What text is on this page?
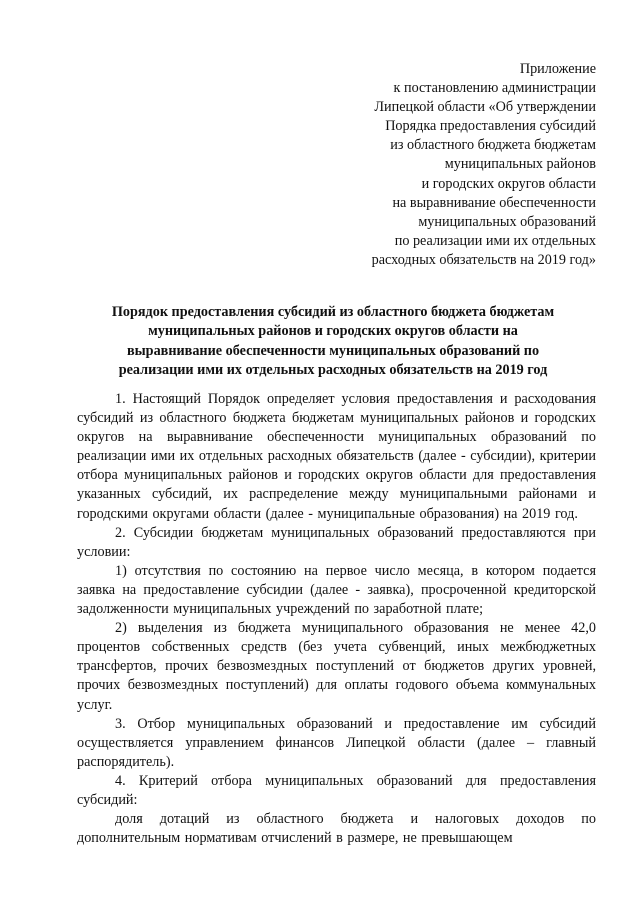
Приложение
к постановлению администрации
Липецкой области «Об утверждении
Порядка предоставления субсидий
из областного бюджета бюджетам
муниципальных районов
и городских округов области
на выравнивание обеспеченности
муниципальных образований
по реализации ими их отдельных
расходных обязательств на 2019 год»
Порядок предоставления субсидий из областного бюджета бюджетам
муниципальных районов и городских округов области на
выравнивание обеспеченности муниципальных образований по
реализации ими их отдельных расходных обязательств на 2019 год

1. Настоящий Порядок определяет условия предоставления и расходования субсидий из областного бюджета бюджетам муниципальных районов и городских округов на выравнивание обеспеченности муниципальных образований по реализации ими их отдельных расходных обязательств (далее - субсидии), критерии отбора муниципальных районов и городских округов области для предоставления указанных субсидий, их распределение между муниципальными районами и городскими округами области (далее - муниципальные образования) на 2019 год.

2. Субсидии бюджетам муниципальных образований предоставляются при условии:

1) отсутствия по состоянию на первое число месяца, в котором подается заявка на предоставление субсидии (далее - заявка), просроченной кредиторской задолженности муниципальных учреждений по заработной плате;

2) выделения из бюджета муниципального образования не менее 42,0 процентов собственных средств (без учета субвенций, иных межбюджетных трансфертов, прочих безвозмездных поступлений от бюджетов других уровней, прочих безвозмездных поступлений) для оплаты годового объема коммунальных услуг.

3. Отбор муниципальных образований и предоставление им субсидий осуществляется управлением финансов Липецкой области (далее – главный распорядитель).

4. Критерий отбора муниципальных образований для предоставления субсидий:

доля дотаций из областного бюджета и налоговых доходов по дополнительным нормативам отчислений в размере, не превышающем
